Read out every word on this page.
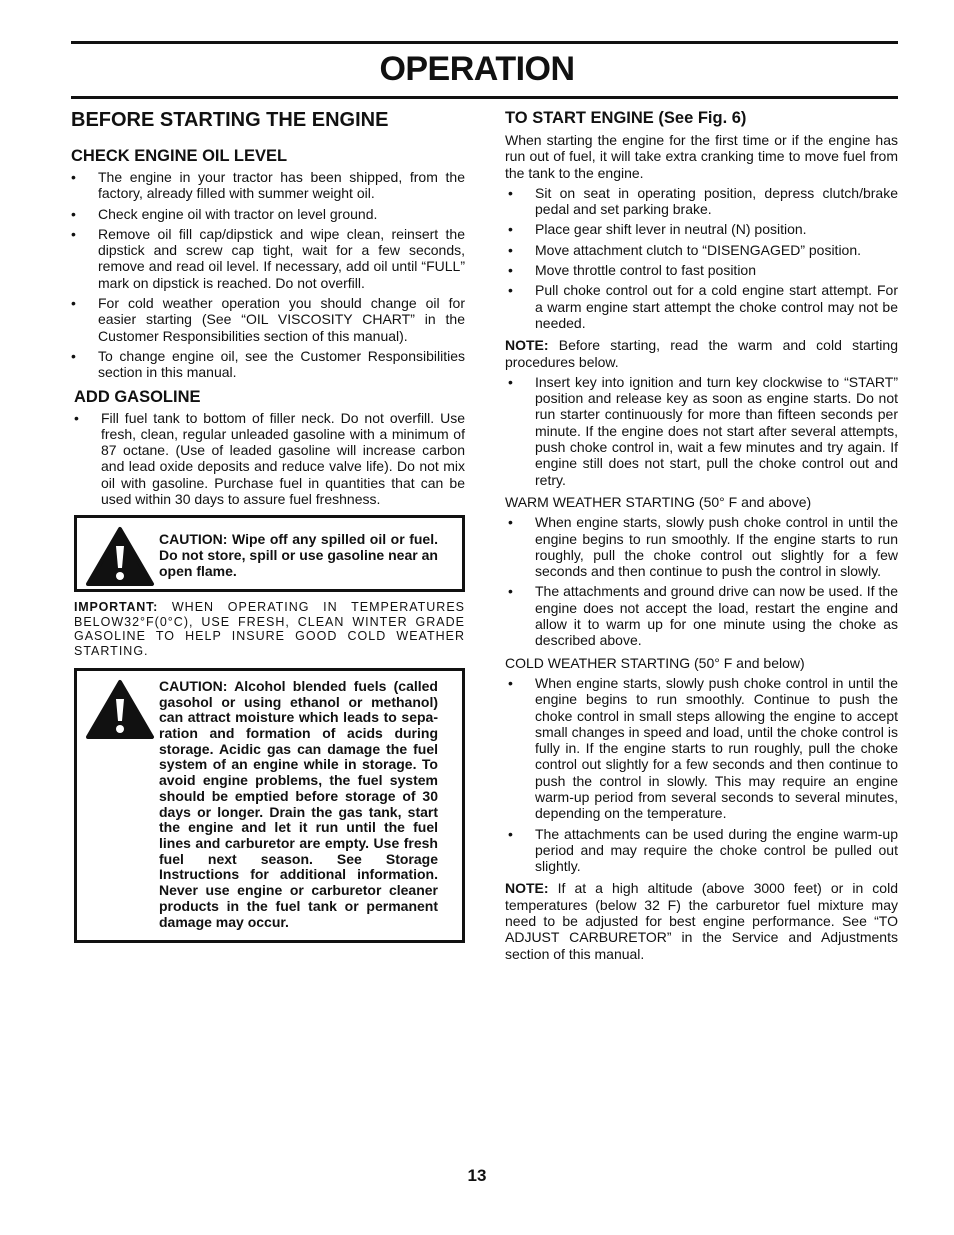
OPERATION
BEFORE STARTING THE ENGINE
CHECK ENGINE OIL LEVEL
• The engine in your tractor has been shipped, from the factory, already filled with summer weight oil.
• Check engine oil with tractor on level ground.
• Remove oil fill cap/dipstick and wipe clean, reinsert the dipstick and screw cap tight, wait for a few seconds, remove and read oil level. If necessary, add oil until “FULL” mark on dipstick is reached. Do not overfill.
• For cold weather operation you should change oil for easier starting (See “OIL VISCOSITY CHART” in the Customer Responsibilities section of this manual).
• To change engine oil, see the Customer Responsibilities section in this manual.
ADD GASOLINE
• Fill fuel tank to bottom of filler neck. Do not overfill. Use fresh, clean, regular unleaded gasoline with a minimum of 87 octane. (Use of leaded gasoline will increase carbon and lead oxide deposits and reduce valve life). Do not mix oil with gasoline. Purchase fuel in quantities that can be used within 30 days to assure fuel freshness.
CAUTION: Wipe off any spilled oil or fuel. Do not store, spill or use gasoline near an open flame.

IMPORTANT: WHEN OPERATING IN TEMPERATURES BELOW32°F(0°C), USE FRESH, CLEAN WINTER GRADE GASOLINE TO HELP INSURE GOOD COLD WEATHER STARTING.

CAUTION: Alcohol blended fuels (called gasohol or using ethanol or methanol) can attract moisture which leads to sepa-ration and formation of acids during storage. Acidic gas can damage the fuel system of an engine while in storage. To avoid engine problems, the fuel system should be emptied before storage of 30 days or longer. Drain the gas tank, start the engine and let it run until the fuel lines and carburetor are empty. Use fresh fuel next season. See Storage Instructions for additional information. Never use engine or carburetor cleaner products in the fuel tank or permanent damage may occur.
TO START ENGINE (See Fig. 6)

When starting the engine for the first time or if the engine has run out of fuel, it will take extra cranking time to move fuel from the tank to the engine.

• Sit on seat in operating position, depress clutch/brake pedal and set parking brake.
• Place gear shift lever in neutral (N) position.
• Move attachment clutch to “DISENGAGED” position.
• Move throttle control to fast position
• Pull choke control out for a cold engine start attempt. For a warm engine start attempt the choke control may not be needed.

NOTE: Before starting, read the warm and cold starting procedures below.

• Insert key into ignition and turn key clockwise to “START” position and release key as soon as engine starts. Do not run starter continuously for more than fifteen seconds per minute. If the engine does not start after several attempts, push choke control in, wait a few minutes and try again. If engine still does not start, pull the choke control out and retry.

WARM WEATHER STARTING (50° F and above)

• When engine starts, slowly push choke control in until the engine begins to run smoothly. If the engine starts to run roughly, pull the choke control out slightly for a few seconds and then continue to push the control in slowly.
• The attachments and ground drive can now be used. If the engine does not accept the load, restart the engine and allow it to warm up for one minute using the choke as described above.

COLD WEATHER STARTING (50° F and below)

• When engine starts, slowly push choke control in until the engine begins to run smoothly. Continue to push the choke control in small steps allowing the engine to accept small changes in speed and load, until the choke control is fully in. If the engine starts to run roughly, pull the choke control out slightly for a few seconds and then continue to push the control in slowly. This may require an engine warm-up period from several seconds to several minutes, depending on the temperature.
• The attachments can be used during the engine warm-up period and may require the choke control be pulled out slightly.

NOTE: If at a high altitude (above 3000 feet) or in cold temperatures (below 32 F) the carburetor fuel mixture may need to be adjusted for best engine performance. See “TO ADJUST CARBURETOR” in the Service and Adjustments section of this manual.

13
